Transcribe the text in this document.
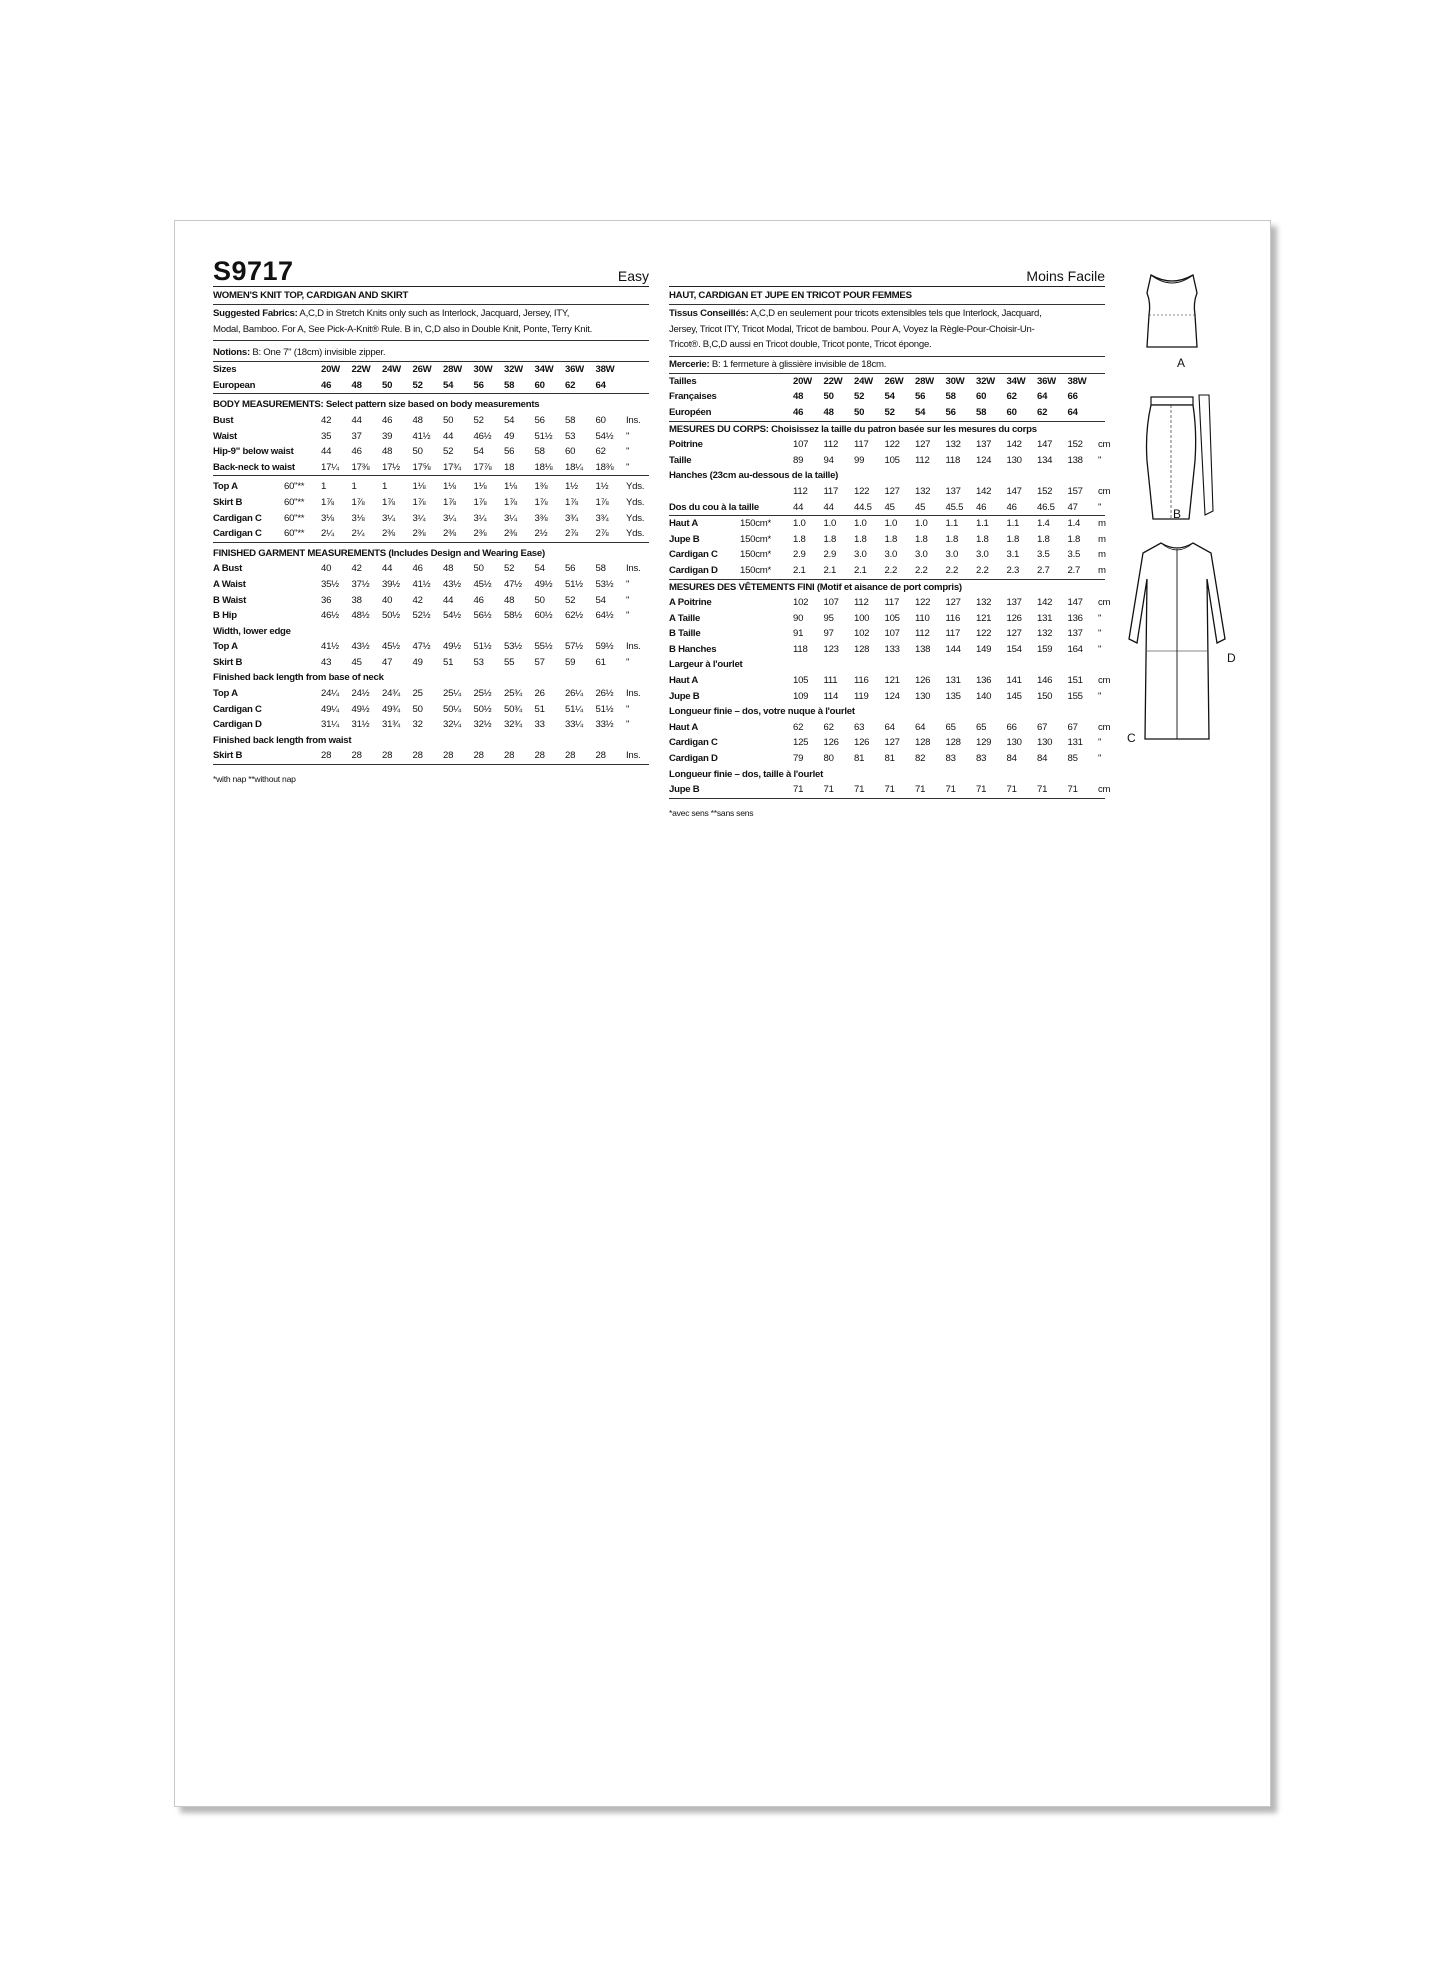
S9717	Easy
WOMEN'S KNIT TOP, CARDIGAN AND SKIRT
Suggested Fabrics: A,C,D in Stretch Knits only such as Interlock, Jacquard, Jersey, ITY,
Modal, Bamboo. For A, See Pick-A-Knit® Rule. B in, C,D also in Double Knit, Ponte, Terry Knit.
Notions: B: One 7" (18cm) invisible zipper.
Sizes	20W 22W 24W 26W 28W 30W 32W 34W 36W 38W
European	46 48 50 52 54 56 58 60 62 64
BODY MEASUREMENTS: Select pattern size based on body measurements
Bust	42 44 46 48 50 52 54 56 58 60 Ins.
Waist	35 37 39 41½ 44 46½ 49 51½ 53 54½ "
Hip-9" below waist	44 46 48 50 52 54 56 58 60 62 "
Back-neck to waist	17¼ 17⅜ 17½ 17⅝ 17¾ 17⅞ 18 18⅛ 18¼ 18⅜ "
Top A	60"** 1	1	1	1⅛ 1⅛ 1⅛ 1⅛ 1⅜ 1½ 1½ Yds.
Skirt B	60"** 1⅞ 1⅞ 1⅞ 1⅞ 1⅞ 1⅞ 1⅞ 1⅞ 1⅞ 1⅞ Yds.
Cardigan C 60"** 3⅛ 3⅛ 3¼ 3¼ 3¼ 3¼ 3¼ 3⅜ 3¾ 3¾ Yds.
Cardigan C 60"** 2¼ 2¼ 2⅜ 2⅜ 2⅜ 2⅜ 2⅜ 2½ 2⅞ 2⅞ Yds.
FINISHED GARMENT MEASUREMENTS (Includes Design and Wearing Ease)
A Bust	40 42 44 46 48 50 52 54 56 58 Ins.
A Waist	35½ 37½ 39½ 41½ 43½ 45½ 47½ 49½ 51½ 53½ "
B Waist	36 38 40 42 44 46 48 50 52 54 "
B Hip	46½ 48½ 50½ 52½ 54½ 56½ 58½ 60½ 62½ 64½ "
Width, lower edge
Top A	41½ 43½ 45½ 47½ 49½ 51½ 53½ 55½ 57½ 59½ Ins.
Skirt B	43 45 47 49 51 53 55 57 59 61 "
Finished back length from base of neck
Top A	24¼ 24½ 24¾ 25 25¼ 25½ 25¾ 26 26¼ 26½ Ins.
Cardigan C	49¼ 49½ 49¾ 50 50¼ 50½ 50¾ 51 51¼ 51½ "
Cardigan D	31¼ 31½ 31¾ 32 32¼ 32½ 32¾ 33 33¼ 33½ "
Finished back length from waist
Skirt B	28 28 28 28 28 28 28 28 28 28 Ins.
*with nap **without nap
Moins Facile
HAUT, CARDIGAN ET JUPE EN TRICOT POUR FEMMES
Tissus Conseillés: A,C,D en seulement pour tricots extensibles tels que Interlock, Jacquard,
Jersey, Tricot ITY, Tricot Modal, Tricot de bambou. Pour A, Voyez la Règle-Pour-Choisir-Un-
Tricot®. B,C,D aussi en Tricot double, Tricot ponte, Tricot éponge.
Mercerie: B: 1 fermeture à glissière invisible de 18cm.
Tailles	20W 22W 24W 26W 28W 30W 32W 34W 36W 38W
Françaises	48 50 52 54 56 58 60 62 64 66
Européen	46 48 50 52 54 56 58 60 62 64
MESURES DU CORPS: Choisissez la taille du patron basée sur les mesures du corps
Poitrine	107 112 117 122 127 132 137 142 147 152 cm
Taille	89 94 99 105 112 118 124 130 134 138 "
Hanches (23cm au-dessous de la taille)
112 117 122 127 132 137 142 147 152 157 cm
Dos du cou à la taille	44 44 44.5 45 45 45.5 46 46 46.5 47 "
Haut A	150cm* 1.0 1.0 1.0 1.0 1.0 1.1 1.1 1.1 1.4 1.4 m
Jupe B	150cm* 1.8 1.8 1.8 1.8 1.8 1.8 1.8 1.8 1.8 1.8 m
Cardigan C 150cm* 2.9 2.9 3.0 3.0 3.0 3.0 3.0 3.1 3.5 3.5 m
Cardigan D 150cm* 2.1 2.1 2.1 2.2 2.2 2.2 2.2 2.3 2.7 2.7 m
MESURES DES VÊTEMENTS FINI (Motif et aisance de port compris)
A Poitrine	102 107 112 117 122 127 132 137 142 147 cm
A Taille	90 95 100 105 110 116 121 126 131 136 "
B Taille	91 97 102 107 112 117 122 127 132 137 "
B Hanches	118 123 128 133 138 144 149 154 159 164 "
Largeur à l'ourlet
Haut A	105 111 116 121 126 131 136 141 146 151 cm
Jupe B	109 114 119 124 130 135 140 145 150 155 "
Longueur finie – dos, votre nuque à l'ourlet
Haut A	62 62 63 64 64 65 65 66 67 67 cm
Cardigan C	125 126 126 127 128 128 129 130 130 131 "
Cardigan D	79 80 81 81 82 83 83 84 84 85 "
Longueur finie – dos, taille à l'ourlet
Jupe B	71 71 71 71 71 71 71 71 71 71 cm
*avec sens **sans sens
A
B
D
C
